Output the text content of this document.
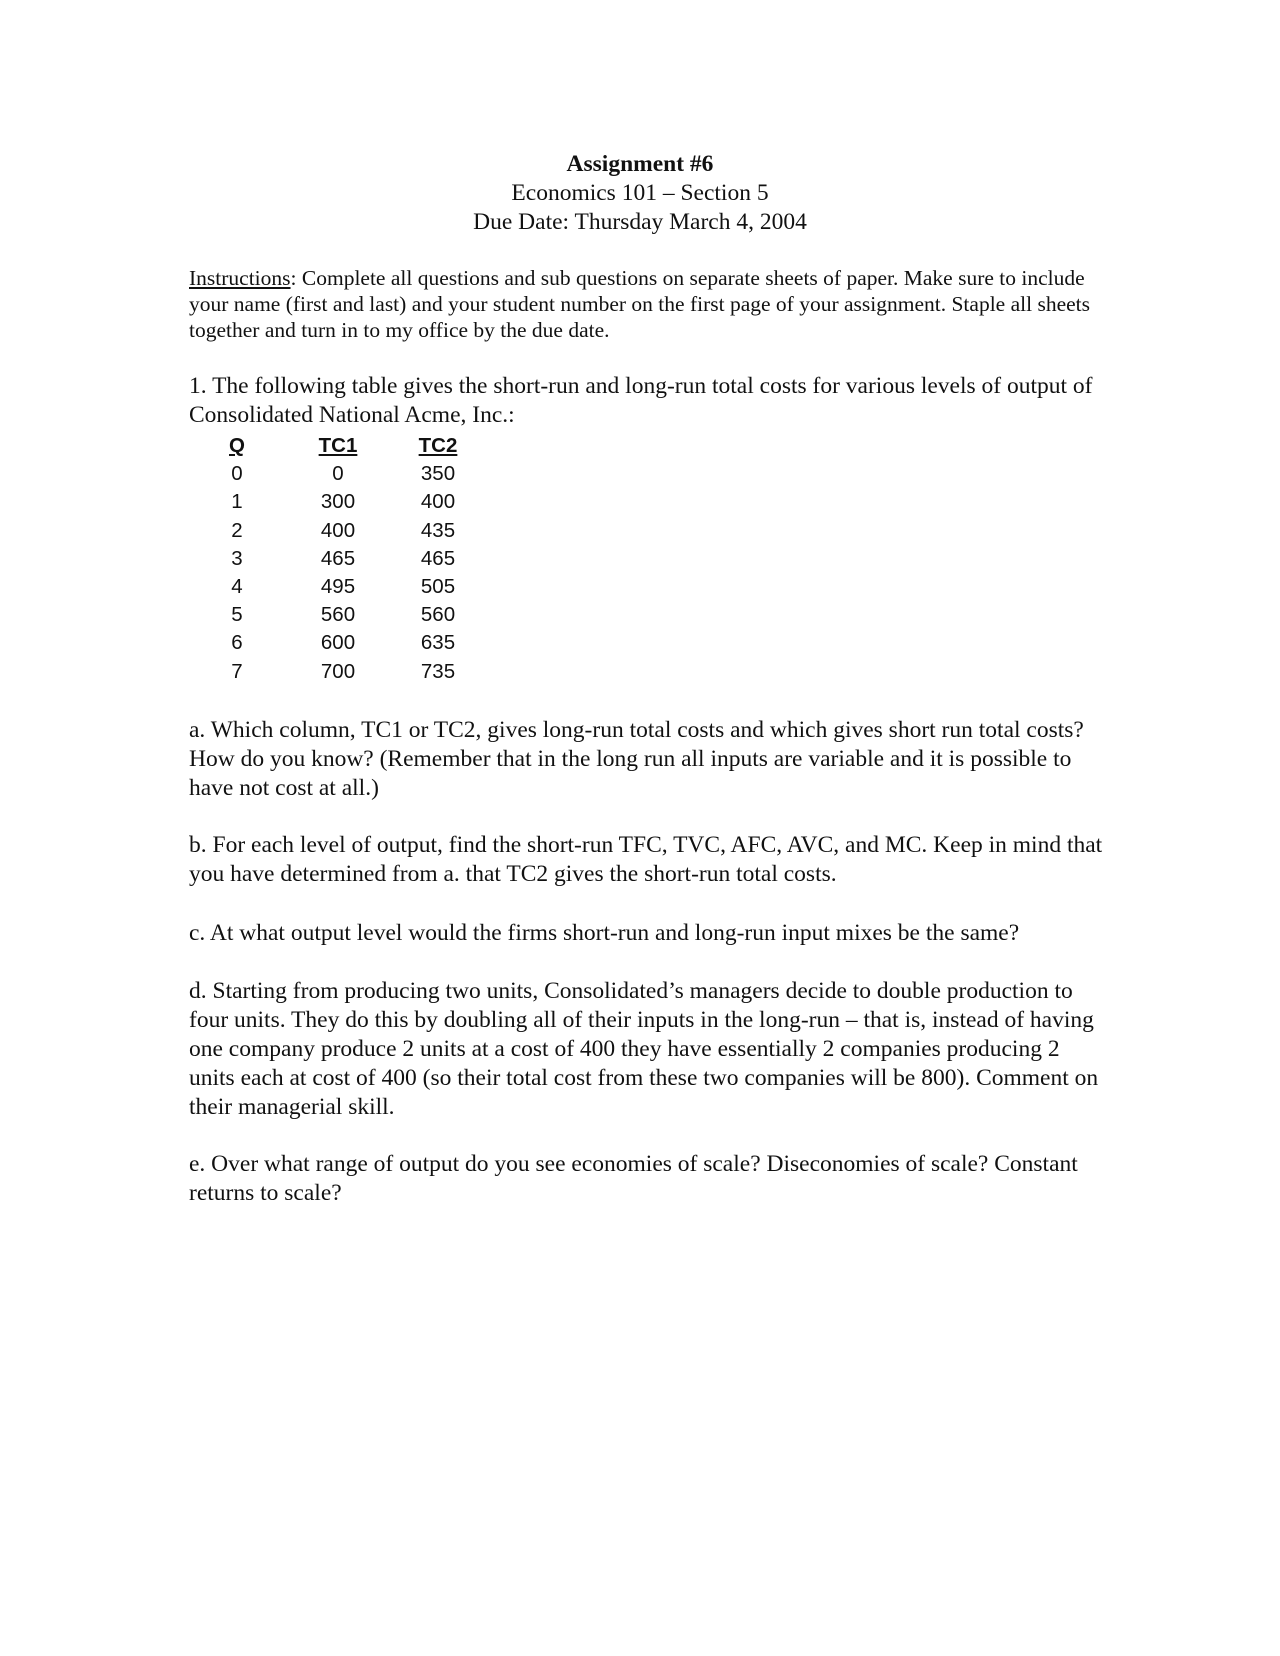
Assignment #6
Economics 101 – Section 5
Due Date: Thursday March 4, 2004
Instructions: Complete all questions and sub questions on separate sheets of paper. Make sure to include your name (first and last) and your student number on the first page of your assignment. Staple all sheets together and turn in to my office by the due date.
1. The following table gives the short-run and long-run total costs for various levels of output of Consolidated National Acme, Inc.:
Q	TC1	TC2
0	0	350
1	300	400
2	400	435
3	465	465
4	495	505
5	560	560
6	600	635
7	700	735
a. Which column, TC1 or TC2, gives long-run total costs and which gives short run total costs? How do you know? (Remember that in the long run all inputs are variable and it is possible to have not cost at all.)
b. For each level of output, find the short-run TFC, TVC, AFC, AVC, and MC. Keep in mind that you have determined from a. that TC2 gives the short-run total costs.
c. At what output level would the firms short-run and long-run input mixes be the same?
d. Starting from producing two units, Consolidated’s managers decide to double production to four units. They do this by doubling all of their inputs in the long-run – that is, instead of having one company produce 2 units at a cost of 400 they have essentially 2 companies producing 2 units each at cost of 400 (so their total cost from these two companies will be 800). Comment on their managerial skill.
e. Over what range of output do you see economies of scale? Diseconomies of scale? Constant returns to scale?
